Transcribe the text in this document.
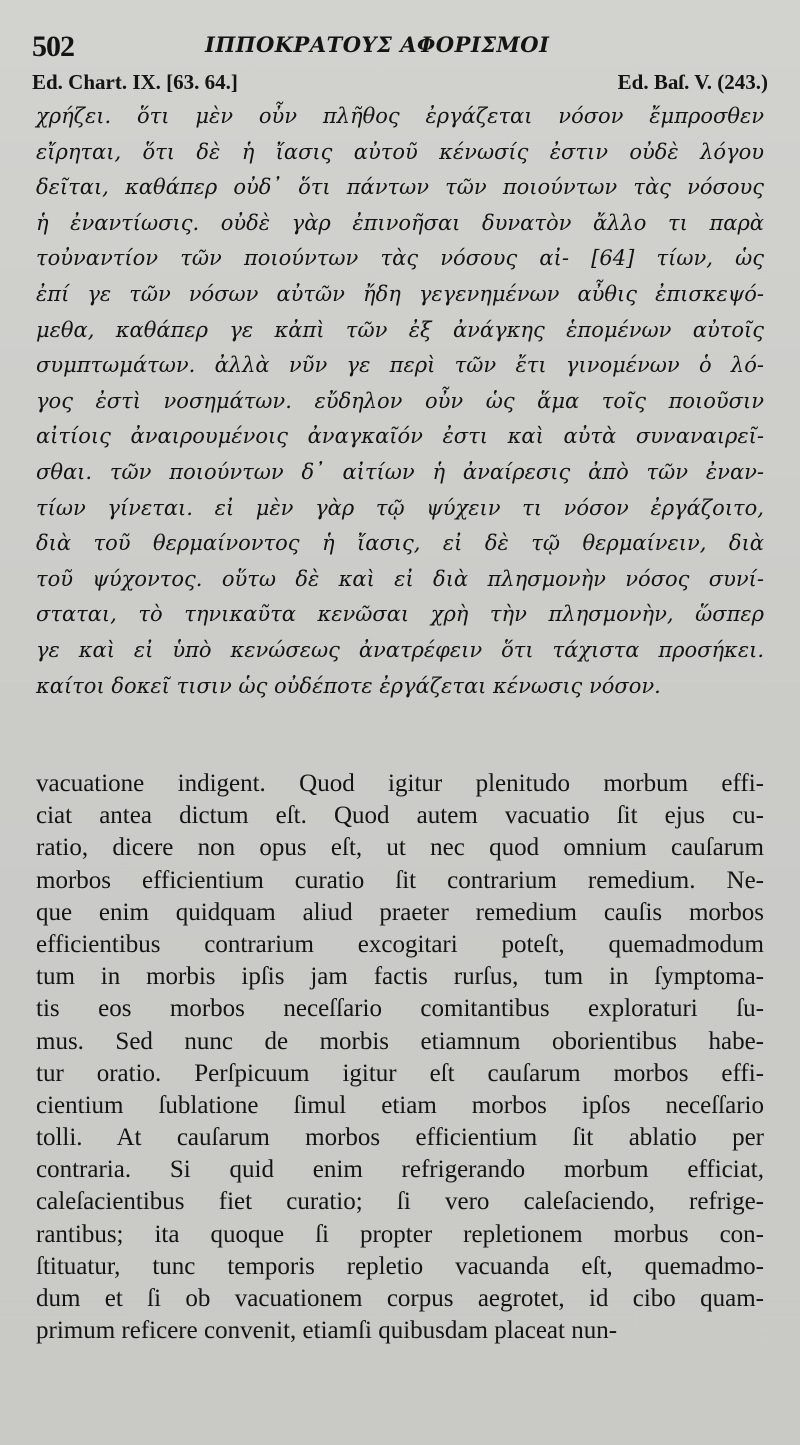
502	ΙΠΠΟΚΡΑΤΟΥΣ ΑΦΟΡΙΣΜΟΙ
Ed. Chart. IX. [63. 64.]	Ed. Baſ. V. (243.)
χρήζει. ὅτι μὲν οὖν πλῆθος ἐργάζεται νόσον ἔμπροσθεν
εἴρηται, ὅτι δὲ ἡ ἴασις αὐτοῦ κένωσίς ἐστιν οὐδὲ λόγου
δεῖται, καθάπερ οὐδ᾽ ὅτι πάντων τῶν ποιούντων τὰς νόσους
ἡ ἐναντίωσις. οὐδὲ γὰρ ἐπινοῆσαι δυνατὸν ἄλλο τι παρὰ
τοὐναντίον τῶν ποιούντων τὰς νόσους αἰ- [64] τίων, ὡς
ἐπί γε τῶν νόσων αὐτῶν ἤδη γεγενημένων αὖθις ἐπισκεψό-
μεθα, καθάπερ γε κἀπὶ τῶν ἐξ ἀνάγκης ἑπομένων αὐτοῖς
συμπτωμάτων. ἀλλὰ νῦν γε περὶ τῶν ἔτι γινομένων ὁ λό-
γος ἐστὶ νοσημάτων. εὔδηλον οὖν ὡς ἅμα τοῖς ποιοῦσιν
αἰτίοις ἀναιρουμένοις ἀναγκαῖόν ἐστι καὶ αὐτὰ συναναιρεῖ-
σθαι. τῶν ποιούντων δ᾽ αἰτίων ἡ ἀναίρεσις ἀπὸ τῶν ἐναν-
τίων γίνεται. εἰ μὲν γὰρ τῷ ψύχειν τι νόσον ἐργάζοιτο,
διὰ τοῦ θερμαίνοντος ἡ ἴασις, εἰ δὲ τῷ θερμαίνειν, διὰ
τοῦ ψύχοντος. οὕτω δὲ καὶ εἰ διὰ πλησμονὴν νόσος συνί-
σταται, τὸ τηνικαῦτα κενῶσαι χρὴ τὴν πλησμονὴν, ὥσπερ
γε καὶ εἰ ὑπὸ κενώσεως ἀνατρέφειν ὅτι τάχιστα προσήκει.
καίτοι δοκεῖ τισιν ὡς οὐδέποτε ἐργάζεται κένωσις νόσον.
vacuatione indigent. Quod igitur plenitudo morbum effi-
ciat antea dictum eſt. Quod autem vacuatio ſit ejus cu-
ratio, dicere non opus eſt, ut nec quod omnium cauſarum
morbos efficientium curatio ſit contrarium remedium. Ne-
que enim quidquam aliud praeter remedium cauſis morbos
efficientibus contrarium excogitari poteſt, quemadmodum
tum in morbis ipſis jam factis rurſus, tum in ſymptoma-
tis eos morbos neceſſario comitantibus exploraturi ſu-
mus. Sed nunc de morbis etiamnum oborientibus habe-
tur oratio. Perſpicuum igitur eſt cauſarum morbos effi-
cientium ſublatione ſimul etiam morbos ipſos neceſſario
tolli. At cauſarum morbos efficientium ſit ablatio per
contraria. Si quid enim refrigerando morbum efficiat,
caleſacientibus fiet curatio; ſi vero caleſaciendo, refrige-
rantibus; ita quoque ſi propter repletionem morbus con-
ſtituatur, tunc temporis repletio vacuanda eſt, quemadmo-
dum et ſi ob vacuationem corpus aegrotet, id cibo quam-
primum reficere convenit, etiamſi quibusdam placeat nun-
